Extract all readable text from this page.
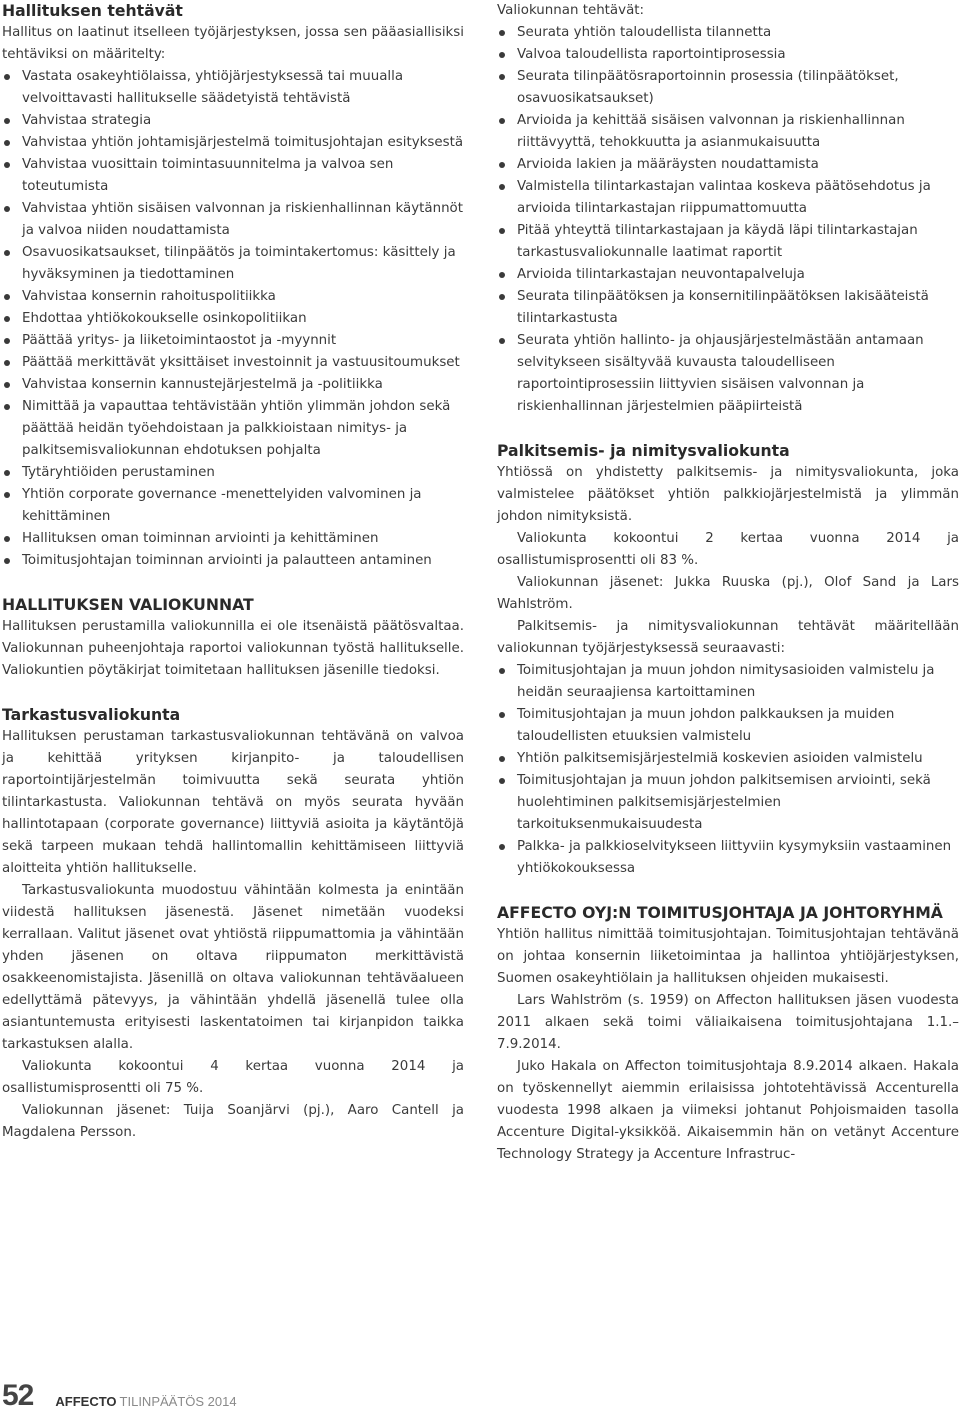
Hallituksen tehtävät

Hallitus on laatinut itselleen työjärjestyksen, jossa sen pääasiallisiksi tehtäviksi on määritelty:

Vastata osakeyhtiölaissa, yhtiöjärjestyksessä tai muualla velvoittavasti hallitukselle säädetyistä tehtävistä
Vahvistaa strategia
Vahvistaa yhtiön johtamisjärjestelmä toimitusjohtajan esityksestä
Vahvistaa vuosittain toimintasuunnitelma ja valvoa sen toteutumista
Vahvistaa yhtiön sisäisen valvonnan ja riskienhallinnan käytännöt ja valvoa niiden noudattamista
Osavuosikatsaukset, tilinpäätös ja toimintakertomus: käsittely ja hyväksyminen ja tiedottaminen
Vahvistaa konsernin rahoituspolitiikka
Ehdottaa yhtiökokoukselle osinkopolitiikan
Päättää yritys- ja liiketoimintaostot ja -myynnit
Päättää merkittävät yksittäiset investoinnit ja vastuusitoumukset
Vahvistaa konsernin kannustejärjestelmä ja -politiikka
Nimittää ja vapauttaa tehtävistään yhtiön ylimmän johdon sekä päättää heidän työehdoistaan ja palkkioistaan nimitys- ja palkitsemisvaliokunnan ehdotuksen pohjalta
Tytäryhtiöiden perustaminen
Yhtiön corporate governance -menettelyiden valvominen ja kehittäminen
Hallituksen oman toiminnan arviointi ja kehittäminen
Toimitusjohtajan toiminnan arviointi ja palautteen antaminen
HALLITUKSEN VALIOKUNNAT

Hallituksen perustamilla valiokunnilla ei ole itsenäistä päätösvaltaa. Valiokunnan puheenjohtaja raportoi valiokunnan työstä hallitukselle. Valiokuntien pöytäkirjat toimitetaan hallituksen jäsenille tiedoksi.

Tarkastusvaliokunta

Hallituksen perustaman tarkastusvaliokunnan tehtävänä on valvoa ja kehittää yrityksen kirjanpito- ja taloudellisen raportointijärjestelmän toimivuutta sekä seurata yhtiön tilintarkastusta. Valiokunnan tehtävä on myös seurata hyvään hallintotapaan (corporate governance) liittyviä asioita ja käytäntöjä sekä tarpeen mukaan tehdä hallintomallin kehittämiseen liittyviä aloitteita yhtiön hallitukselle.

Tarkastusvaliokunta muodostuu vähintään kolmesta ja enintään viidestä hallituksen jäsenestä. Jäsenet nimetään vuodeksi kerrallaan. Valitut jäsenet ovat yhtiöstä riippumattomia ja vähintään yhden jäsenen on oltava riippumaton merkittävistä osakkeenomistajista. Jäsenillä on oltava valiokunnan tehtäväalueen edellyttämä pätevyys, ja vähintään yhdellä jäsenellä tulee olla asiantuntemusta erityisesti laskentatoimen tai kirjanpidon taikka tarkastuksen alalla.

Valiokunta kokoontui 4 kertaa vuonna 2014 ja osallistumisprosentti oli 75 %.

Valiokunnan jäsenet: Tuija Soanjärvi (pj.), Aaro Cantell ja Magdalena Persson.

Valiokunnan tehtävät:

Seurata yhtiön taloudellista tilannetta
Valvoa taloudellista raportointiprosessia
Seurata tilinpäätösraportoinnin prosessia (tilinpäätökset, osavuosikatsaukset)
Arvioida ja kehittää sisäisen valvonnan ja riskienhallinnan riittävyyttä, tehokkuutta ja asianmukaisuutta
Arvioida lakien ja määräysten noudattamista
Valmistella tilintarkastajan valintaa koskeva päätösehdotus ja arvioida tilintarkastajan riippumattomuutta
Pitää yhteyttä tilintarkastajaan ja käydä läpi tilintarkastajan tarkastusvaliokunnalle laatimat raportit
Arvioida tilintarkastajan neuvontapalveluja
Seurata tilinpäätöksen ja konsernitilinpäätöksen lakisääteistä tilintarkastusta
Seurata yhtiön hallinto- ja ohjausjärjestelmästään antamaan selvitykseen sisältyvää kuvausta taloudelliseen raportointiprosessiin liittyvien sisäisen valvonnan ja riskienhallinnan järjestelmien pääpiirteistä
Palkitsemis- ja nimitysvaliokunta

Yhtiössä on yhdistetty palkitsemis- ja nimitysvaliokunta, joka valmistelee päätökset yhtiön palkkiojärjestelmistä ja ylimmän johdon nimityksistä.

Valiokunta kokoontui 2 kertaa vuonna 2014 ja osallistumisprosentti oli 83 %.

Valiokunnan jäsenet: Jukka Ruuska (pj.), Olof Sand ja Lars Wahlström.

Palkitsemis- ja nimitysvaliokunnan tehtävät määritellään valiokunnan työjärjestyksessä seuraavasti:

Toimitusjohtajan ja muun johdon nimitysasioiden valmistelu ja heidän seuraajiensa kartoittaminen
Toimitusjohtajan ja muun johdon palkkauksen ja muiden taloudellisten etuuksien valmistelu
Yhtiön palkitsemisjärjestelmiä koskevien asioiden valmistelu
Toimitusjohtajan ja muun johdon palkitsemisen arviointi, sekä huolehtiminen palkitsemisjärjestelmien tarkoituksenmukaisuudesta
Palkka- ja palkkioselvitykseen liittyviin kysymyksiin vastaaminen yhtiökokouksessa
AFFECTO OYJ:N TOIMITUSJOHTAJA JA JOHTORYHMÄ

Yhtiön hallitus nimittää toimitusjohtajan. Toimitusjohtajan tehtävänä on johtaa konsernin liiketoimintaa ja hallintoa yhtiöjärjestyksen, Suomen osakeyhtiölain ja hallituksen ohjeiden mukaisesti.

Lars Wahlström (s. 1959) on Affecton hallituksen jäsen vuodesta 2011 alkaen sekä toimi väliaikaisena toimitusjohtajana 1.1.–7.9.2014.

Juko Hakala on Affecton toimitusjohtaja 8.9.2014 alkaen. Hakala on työskennellyt aiemmin erilaisissa johtotehtävissä Accenturella vuodesta 1998 alkaen ja viimeksi johtanut Pohjoismaiden tasolla Accenture Digital-yksikköä. Aikaisemmin hän on vetänyt Accenture Technology Strategy ja Accenture Infrastruc-

52 AFFECTO TILINPÄÄTÖS 2014
